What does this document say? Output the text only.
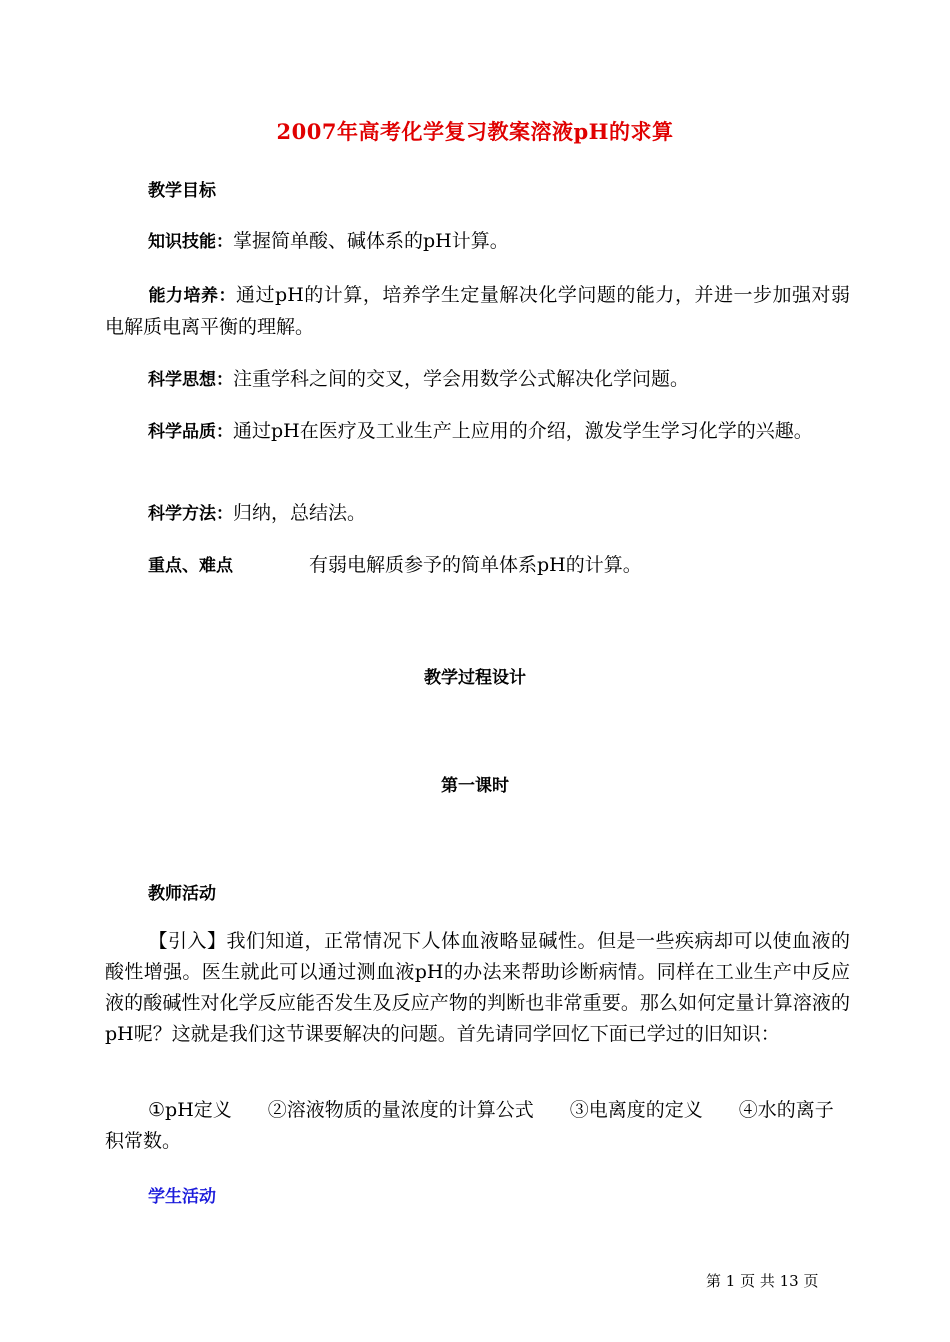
2007年高考化学复习教案溶液pH的求算
教学目标
知识技能：掌握简单酸、碱体系的pH计算。
能力培养：通过pH的计算，培养学生定量解决化学问题的能力，并进一步加强对弱电解质电离平衡的理解。
科学思想：注重学科之间的交叉，学会用数学公式解决化学问题。
科学品质：通过pH在医疗及工业生产上应用的介绍，激发学生学习化学的兴趣。
科学方法：归纳，总结法。
重点、难点	有弱电解质参予的简单体系pH的计算。
教学过程设计
第一课时
教师活动
【引入】我们知道，正常情况下人体血液略显碱性。但是一些疾病却可以使血液的酸性增强。医生就此可以通过测血液pH的办法来帮助诊断病情。同样在工业生产中反应液的酸碱性对化学反应能否发生及反应产物的判断也非常重要。那么如何定量计算溶液的pH呢？这就是我们这节课要解决的问题。首先请同学回忆下面已学过的旧知识：
①pH定义 ②溶液物质的量浓度的计算公式 ③电离度的定义 ④水的离子积常数。
学生活动
第 1 页 共 13 页
